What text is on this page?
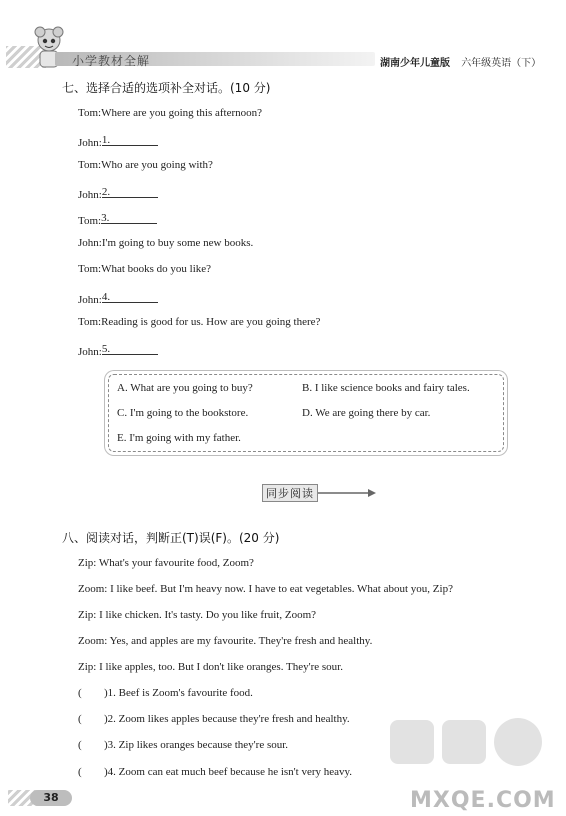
小学教材全解	湖南少年儿童版 六年级英语（下）
七、选择合适的选项补全对话。(10 分)
Tom:Where are you going this afternoon?
John: 1.
Tom:Who are you going with?
John: 2.
Tom: 3.
John:I'm going to buy some new books.
Tom:What books do you like?
John: 4.
Tom:Reading is good for us. How are you going there?
John: 5.
A. What are you going to buy?	B. I like science books and fairy tales.
C. I'm going to the bookstore.	D. We are going there by car.
E. I'm going with my father.
同步阅读
八、阅读对话，判断正(T)误(F)。(20 分)
Zip: What's your favourite food, Zoom?
Zoom: I like beef. But I'm heavy now. I have to eat vegetables. What about you, Zip?
Zip: I like chicken. It's tasty. Do you like fruit, Zoom?
Zoom: Yes, and apples are my favourite. They're fresh and healthy.
Zip: I like apples, too. But I don't like oranges. They're sour.
( )1. Beef is Zoom's favourite food.
( )2. Zoom likes apples because they're fresh and healthy.
( )3. Zip likes oranges because they're sour.
( )4. Zoom can eat much beef because he isn't very heavy.
38	MXQE.COM
